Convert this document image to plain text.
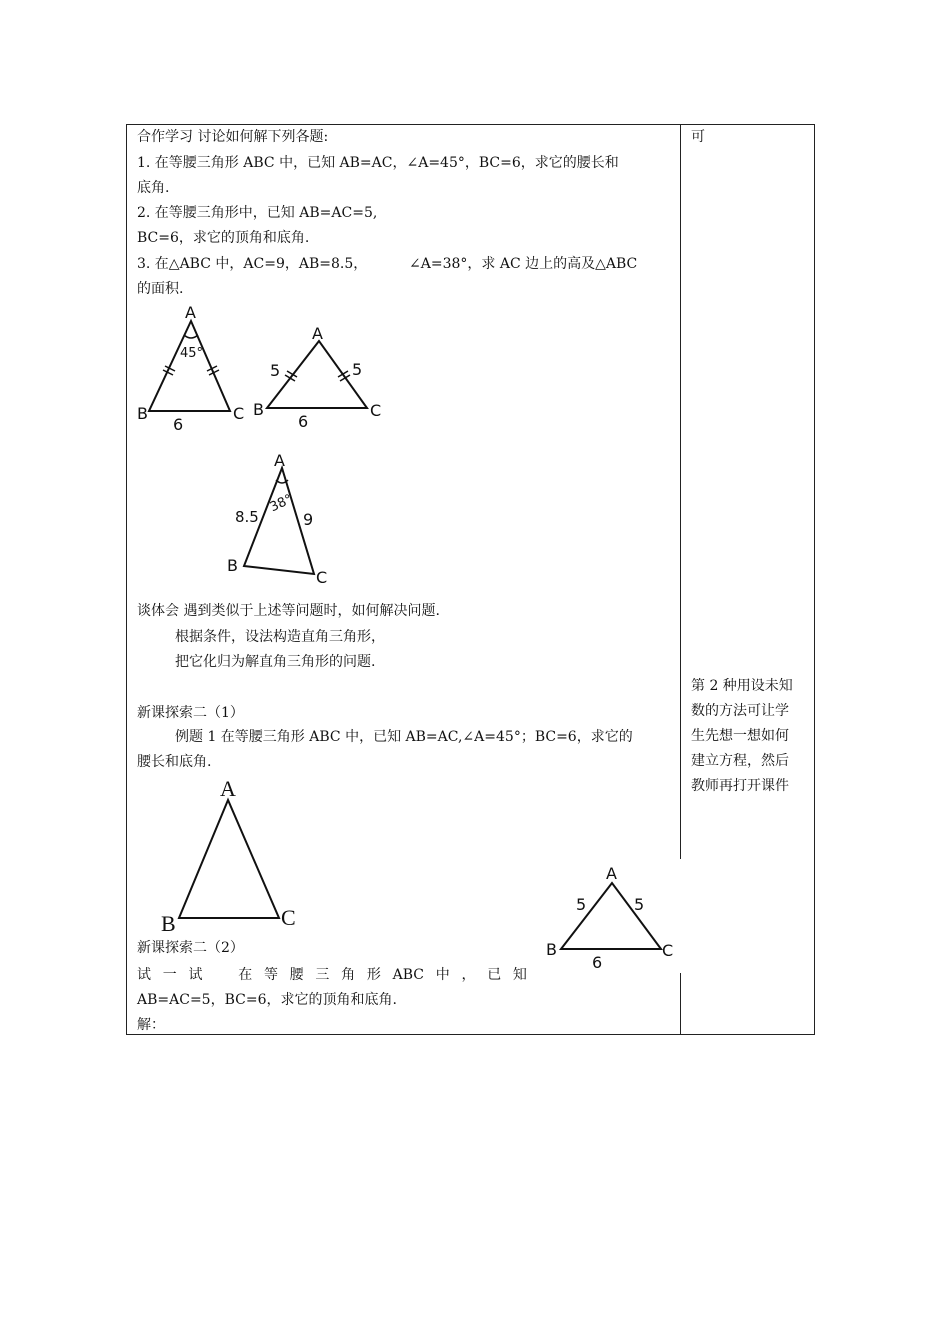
合作学习 讨论如何解下列各题:
1. 在等腰三角形 ABC 中，已知 AB=AC，∠A=45°，BC=6，求它的腰长和
底角.
2. 在等腰三角形中，已知 AB=AC=5,
BC=6，求它的顶角和底角.
3. 在△ABC 中，AC=9，AB=8.5，	∠A=38°，求 AC 边上的高及△ABC
的面积.
A
B	C
45°
6
A
B	C
5	5
6
A
B
C
38°
8.5	9
A
B	C
A
B	C
5	5
6
谈体会 遇到类似于上述等问题时，如何解决问题.
根据条件，设法构造直角三角形，
把它化归为解直角三角形的问题.
新课探索二（1）
例题 1 在等腰三角形 ABC 中，已知 AB=AC,∠A=45°；BC=6，求它的
腰长和底角.
新课探索二（2）
试 一 试	在 等 腰 三 角 形 ABC 中 ， 已 知
AB=AC=5，BC=6，求它的顶角和底角.
解：
可
第 2 种用设未知
数的方法可让学
生先想一想如何
建立方程，然后
教师再打开课件
